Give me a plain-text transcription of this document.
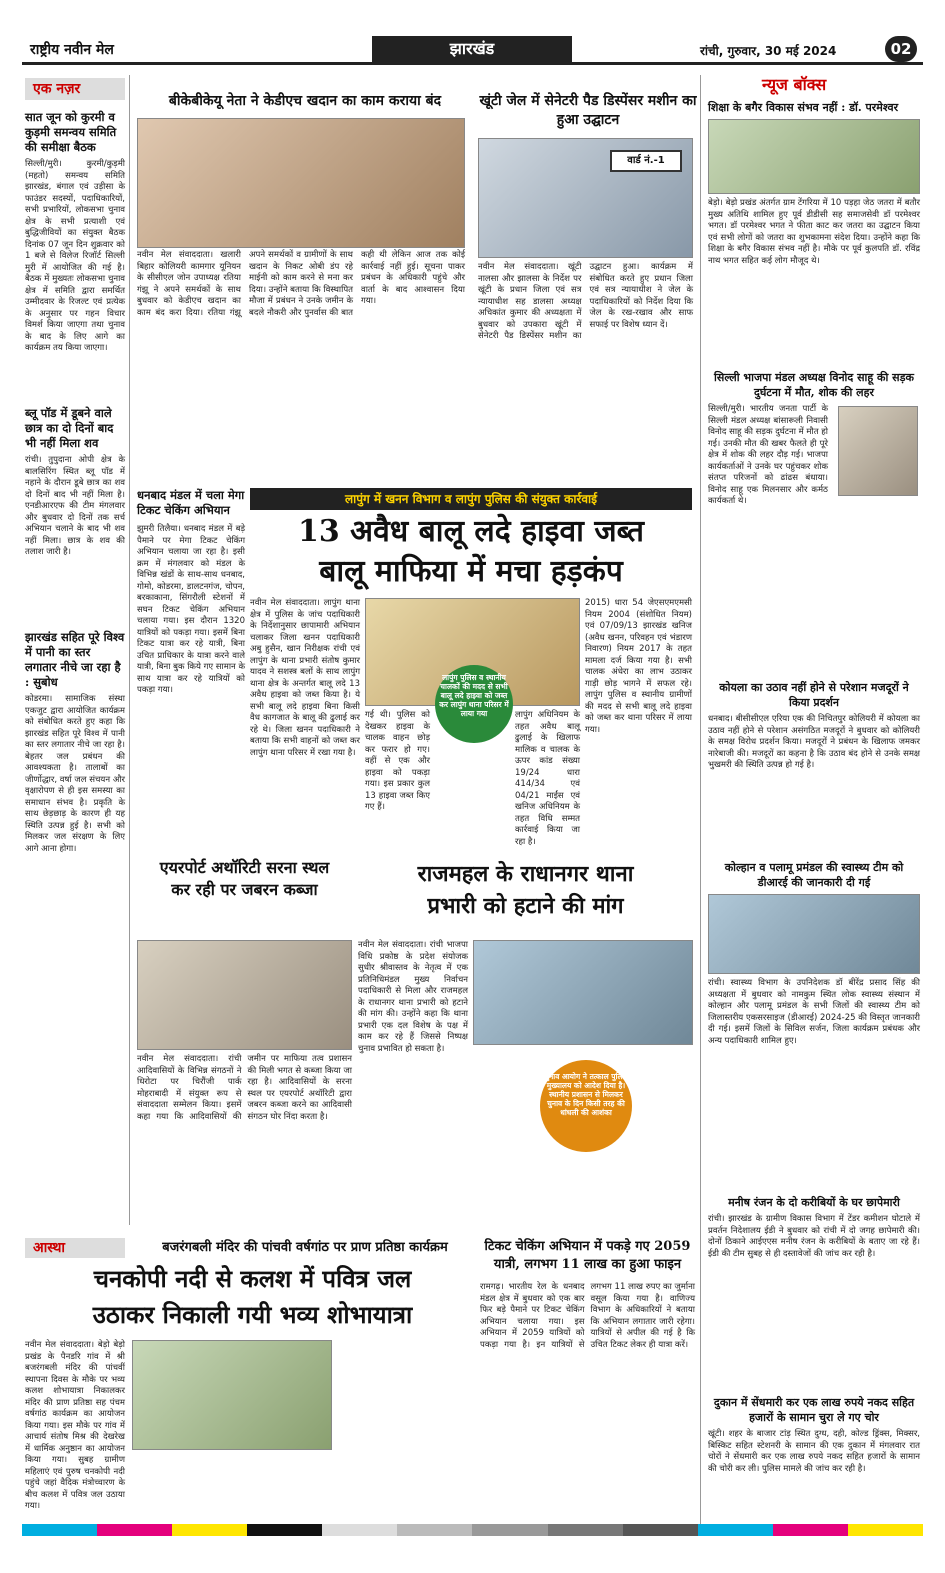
राष्ट्रीय नवीन मेल	झारखंड	रांची, गुरुवार, 30 मई 2024	02
एक नज़र
सात जून को कुरमी व कुड़मी समन्वय समिति की समीक्षा बैठक
सिल्ली/मुरी। कुरमी/कुड़मी (महतो) समन्वय समिति झारखंड, बंगाल एवं उड़ीसा के फाउंडर सदस्यों, पदाधिकारियों, सभी प्रभारियों, लोकसभा चुनाव क्षेत्र के सभी प्रत्याशी एवं बुद्धिजीवियों का संयुक्त बैठक दिनांक 07 जून दिन शुक्रवार को 1 बजे से विलेज रिजॉर्ट सिल्ली मुरी में आयोजित की गई है। बैठक में मुख्यतः लोकसभा चुनाव क्षेत्र में समिति द्वारा समर्थित उम्मीदवार के रिजल्ट एवं प्रत्येक के अनुसार पर गहन विचार विमर्श किया जाएगा तथा चुनाव के बाद के लिए आगे का कार्यक्रम तय किया जाएगा।
ब्लू पॉड में डूबने वाले छात्र का दो दिनों बाद भी नहीं मिला शव
रांची। तुपुदाना ओपी क्षेत्र के बालसिरिंग स्थित ब्लू पॉड में नहाने के दौरान डूबे छात्र का शव दो दिनों बाद भी नहीं मिला है। एनडीआरएफ की टीम मंगलवार और बुधवार दो दिनों तक सर्च अभियान चलाने के बाद भी शव नहीं मिला। छात्र के शव की तलाश जारी है।
झारखंड सहित पूरे विश्व में पानी का स्तर लगातार नीचे जा रहा है : सुबोध
कोडरमा। सामाजिक संस्था एकजुट द्वारा आयोजित कार्यक्रम को संबोधित करते हुए कहा कि झारखंड सहित पूरे विश्व में पानी का स्तर लगातार नीचे जा रहा है। बेहतर जल प्रबंधन की आवश्यकता है। तालाबों का जीर्णोद्धार, वर्षा जल संचयन और वृक्षारोपण से ही इस समस्या का समाधान संभव है। प्रकृति के साथ छेड़छाड़ के कारण ही यह स्थिति उत्पन्न हुई है। सभी को मिलकर जल संरक्षण के लिए आगे आना होगा।
बीकेबीकेयू नेता ने केडीएच खदान का काम कराया बंद
नवीन मेल संवाददाता। खलारी बिहार कोलियरी कामगार यूनियन के सीसीएल जोन उपाध्यक्ष रतिया गंझू ने अपने समर्थकों के साथ बुधवार को केडीएच खदान का काम बंद करा दिया। रतिया गंझू अपने समर्थकों व ग्रामीणों के साथ खदान के निकट ओबी डंप रहे माईनी को काम करने से मना कर दिया। उन्होंने बताया कि विस्थापित मौजा में प्रबंधन ने उनके जमीन के बदले नौकरी और पुनर्वास की बात कही थी लेकिन आज तक कोई कार्रवाई नहीं हुई। सूचना पाकर प्रबंधन के अधिकारी पहुंचे और वार्ता के बाद आश्वासन दिया गया।
खूंटी जेल में सेनेटरी पैड डिस्पेंसर मशीन का हुआ उद्घाटन
वार्ड नं.-1
नवीन मेल संवाददाता। खूंटी नालसा और झालसा के निर्देश पर खूंटी के प्रधान जिला एवं सत्र न्यायाधीश सह डालसा अध्यक्ष अचिकांत कुमार की अध्यक्षता में बुधवार को उपकारा खूंटी में सेनेटरी पैड डिस्पेंसर मशीन का उद्घाटन हुआ। कार्यक्रम में संबोधित करते हुए प्रधान जिला एवं सत्र न्यायाधीश ने जेल के पदाधिकारियों को निर्देश दिया कि जेल के रख-रखाव और साफ सफाई पर विशेष ध्यान दें।
न्यूज बॉक्स
शिक्षा के बगैर विकास संभव नहीं : डॉ. परमेश्वर
बेड़ो। बेड़ो प्रखंड अंतर्गत ग्राम टेंगरिया में 10 पड़हा जेठ जतरा में बतौर मुख्य अतिथि शामिल हुए पूर्व डीडीसी सह समाजसेवी डॉ परमेश्वर भगत। डॉ परमेश्वर भगत ने फीता काट कर जतरा का उद्घाटन किया एवं सभी लोगों को जतरा का शुभकामना संदेश दिया। उन्होंने कहा कि शिक्षा के बगैर विकास संभव नहीं है। मौके पर पूर्व कुलपति डॉ. रविंद्र नाथ भगत सहित कई लोग मौजूद थे।
सिल्ली भाजपा मंडल अध्यक्ष विनोद साहू की सड़क दुर्घटना में मौत, शोक की लहर
सिल्ली/मुरी। भारतीय जनता पार्टी के सिल्ली मंडल अध्यक्ष बांसारूली निवासी विनोद साहू की सड़क दुर्घटना में मौत हो गई। उनकी मौत की खबर फैलते ही पूरे क्षेत्र में शोक की लहर दौड़ गई। भाजपा कार्यकर्ताओं ने उनके घर पहुंचकर शोक संतप्त परिजनों को ढांढस बंधाया। विनोद साहू एक मिलनसार और कर्मठ कार्यकर्ता थे।
कोयला का उठाव नहीं होने से परेशान मजदूरों ने किया प्रदर्शन
धनबाद। बीसीसीएल एरिया एक की निचितपुर कोलियरी में कोयला का उठाव नहीं होने से परेशान असंगठित मजदूरों ने बुधवार को कोलियरी के समक्ष विरोध प्रदर्शन किया। मजदूरों ने प्रबंधन के खिलाफ जमकर नारेबाजी की। मजदूरों का कहना है कि उठाव बंद होने से उनके समक्ष भुखमरी की स्थिति उत्पन्न हो गई है।
कोल्हान व पलामू प्रमंडल की स्वास्थ्य टीम को डीआरई की जानकारी दी गई
रांची। स्वास्थ्य विभाग के उपनिदेशक डॉ बीरेंद्र प्रसाद सिंह की अध्यक्षता में बुधवार को नामकुम स्थित लोक स्वास्थ्य संस्थान में कोल्हान और पलामू प्रमंडल के सभी जिलों की स्वास्थ्य टीम को जिलास्तरीय एकसरसाइज (डीआरई) 2024-25 की विस्तृत जानकारी दी गई। इसमें जिलों के सिविल सर्जन, जिला कार्यक्रम प्रबंधक और अन्य पदाधिकारी शामिल हुए।
मनीष रंजन के दो करीबियों के घर छापेमारी
रांची। झारखंड के ग्रामीण विकास विभाग में टेंडर कमीशन घोटाले में प्रवर्तन निदेशालय ईडी ने बुधवार को रांची में दो जगह छापेमारी की। दोनों ठिकाने आईएएस मनीष रंजन के करीबियों के बताए जा रहे हैं। ईडी की टीम सुबह से ही दस्तावेजों की जांच कर रही है।
दुकान में सेंधमारी कर एक लाख रुपये नकद सहित हजारों के सामान चुरा ले गए चोर
खूंटी। शहर के बाजार टांड़ स्थित दुग्ध, दही, कोल्ड ड्रिंक्स, मिक्सर, बिस्किट सहित स्टेशनरी के सामान की एक दुकान में मंगलवार रात चोरों ने सेंधमारी कर एक लाख रुपये नकद सहित हजारों के सामान की चोरी कर ली। पुलिस मामले की जांच कर रही है।
धनबाद मंडल में चला मेगा टिकट चेकिंग अभियान
झुमरी तिलैया। धनबाद मंडल में बड़े पैमाने पर मेगा टिकट चेकिंग अभियान चलाया जा रहा है। इसी क्रम में मंगलवार को मंडल के विभिन्न खंडों के साथ-साथ धनबाद, गोमो, कोडरमा, डालटनगंज, चोपन, बरकाकाना, सिंगरौली स्टेशनों में सघन टिकट चेकिंग अभियान चलाया गया। इस दौरान 1320 यात्रियों को पकड़ा गया। इसमें बिना टिकट यात्रा कर रहे यात्री, बिना उचित प्राधिकार के यात्रा करने वाले यात्री, बिना बुक किये गए सामान के साथ यात्रा कर रहे यात्रियों को पकड़ा गया।
लापुंग में खनन विभाग व लापुंग पुलिस की संयुक्त कार्रवाई
13 अवैध बालू लदे हाइवा जब्त
बालू माफिया में मचा हड़कंप
नवीन मेल संवाददाता। लापुंग थाना क्षेत्र में पुलिस के जांच पदाधिकारी के निर्देशानुसार छापामारी अभियान चलाकर जिला खनन पदाधिकारी अबु हुसैन, खान निरीक्षक रांची एवं लापुंग के थाना प्रभारी संतोष कुमार यादव ने सशस्त्र बलों के साथ लापुंग थाना क्षेत्र के अन्तर्गत बालू लदे 13 अवैध हाइवा को जब्त किया है। ये सभी बालू लदे हाइवा बिना किसी वैध कागजात के बालू की ढुलाई कर रहे थे। जिला खनन पदाधिकारी ने बताया कि सभी वाहनों को जब्त कर लापुंग थाना परिसर में रखा गया है।
गई थी। पुलिस को देखकर हाइवा के चालक वाहन छोड़ कर फरार हो गए। वहीं से एक और हाइवा को पकड़ा गया। इस प्रकार कुल 13 हाइवा जब्त किए गए हैं।
लापुंग अधिनियम के तहत अवैध बालू ढुलाई के खिलाफ मालिक व चालक के ऊपर कांड संख्या 19/24 धारा 414/34 एवं 04/21 माईंस एवं खनिज अधिनियम के तहत विधि सम्मत कार्रवाई किया जा रहा है।
लापुंग पुलिस व स्थानीय चालकों की मदद से सभी बालू लदे हाइवा को जब्त कर लापुंग थाना परिसर में लाया गया
2015) धारा 54 जेएसएमएमसी नियम 2004 (संशोधित नियम) एवं 07/09/13 झारखंड खनिज (अवैध खनन, परिवहन एवं भंडारण निवारण) नियम 2017 के तहत मामला दर्ज किया गया है। सभी चालक अंधेरा का लाभ उठाकर गाड़ी छोड़ भागने में सफल रहे। लापुंग पुलिस व स्थानीय ग्रामीणों की मदद से सभी बालू लदे हाइवा को जब्त कर थाना परिसर में लाया गया।
एयरपोर्ट अथॉरिटी सरना स्थल
कर रही पर जबरन कब्जा
नवीन मेल संवाददाता। रांची आदिवासियों के विभिन्न संगठनों ने धिरोटा पर चिरौंजी पार्क मोहराबादी में संयुक्त रूप से संवाददाता सम्मेलन किया। इसमें कहा गया कि आदिवासियों की जमीन पर माफिया तत्व प्रशासन की मिली भगत से कब्जा किया जा रहा है। आदिवासियों के सरना स्थल पर एयरपोर्ट अथॉरिटी द्वारा जबरन कब्जा करने का आदिवासी संगठन घोर निंदा करता है।
राजमहल के राधानगर थाना
प्रभारी को हटाने की मांग
नवीन मेल संवाददाता। रांची भाजपा विधि प्रकोष्ठ के प्रदेश संयोजक सुधीर श्रीवास्तव के नेतृत्व में एक प्रतिनिधिमंडल मुख्य निर्वाचन पदाधिकारी से मिला और राजमहल के राधानगर थाना प्रभारी को हटाने की मांग की। उन्होंने कहा कि थाना प्रभारी एक दल विशेष के पक्ष में काम कर रहे हैं जिससे निष्पक्ष चुनाव प्रभावित हो सकता है।
चुनाव आयोग ने तत्काल पुलिस मुख्यालय को आदेश दिया है। स्थानीय प्रशासन से मिलकर चुनाव के दिन किसी तरह की धांधली की आशंका
आस्था	बजरंगबली मंदिर की पांचवी वर्षगांठ पर प्राण प्रतिष्ठा कार्यक्रम
चनकोपी नदी से कलश में पवित्र जल
उठाकर निकाली गयी भव्य शोभायात्रा
नवीन मेल संवाददाता। बेड़ो बेड़ो प्रखंड के पैनडरि गांव में श्री बजरंगबली मंदिर की पांचवीं स्थापना दिवस के मौके पर भव्य कलश शोभायात्रा निकालकर मंदिर की प्राण प्रतिष्ठा सह पंचम वर्षगांठ कार्यक्रम का आयोजन किया गया। इस मौके पर गांव में आचार्य संतोष मिश्र की देखरेख में धार्मिक अनुष्ठान का आयोजन किया गया। सुबह ग्रामीण महिलाएं एवं पुरुष चनकोपी नदी पहुंचे जहां वैदिक मंत्रोच्चारण के बीच कलश में पवित्र जल उठाया गया।
टिकट चेकिंग अभियान में पकड़े गए 2059
यात्री, लगभग 11 लाख का हुआ फाइन
रामगढ़। भारतीय रेल के धनबाद मंडल क्षेत्र में बुधवार को एक बार फिर बड़े पैमाने पर टिकट चेकिंग अभियान चलाया गया। इस अभियान में 2059 यात्रियों को पकड़ा गया है। इन यात्रियों से लगभग 11 लाख रुपए का जुर्माना वसूल किया गया है। वाणिज्य विभाग के अधिकारियों ने बताया कि अभियान लगातार जारी रहेगा। यात्रियों से अपील की गई है कि उचित टिकट लेकर ही यात्रा करें।
